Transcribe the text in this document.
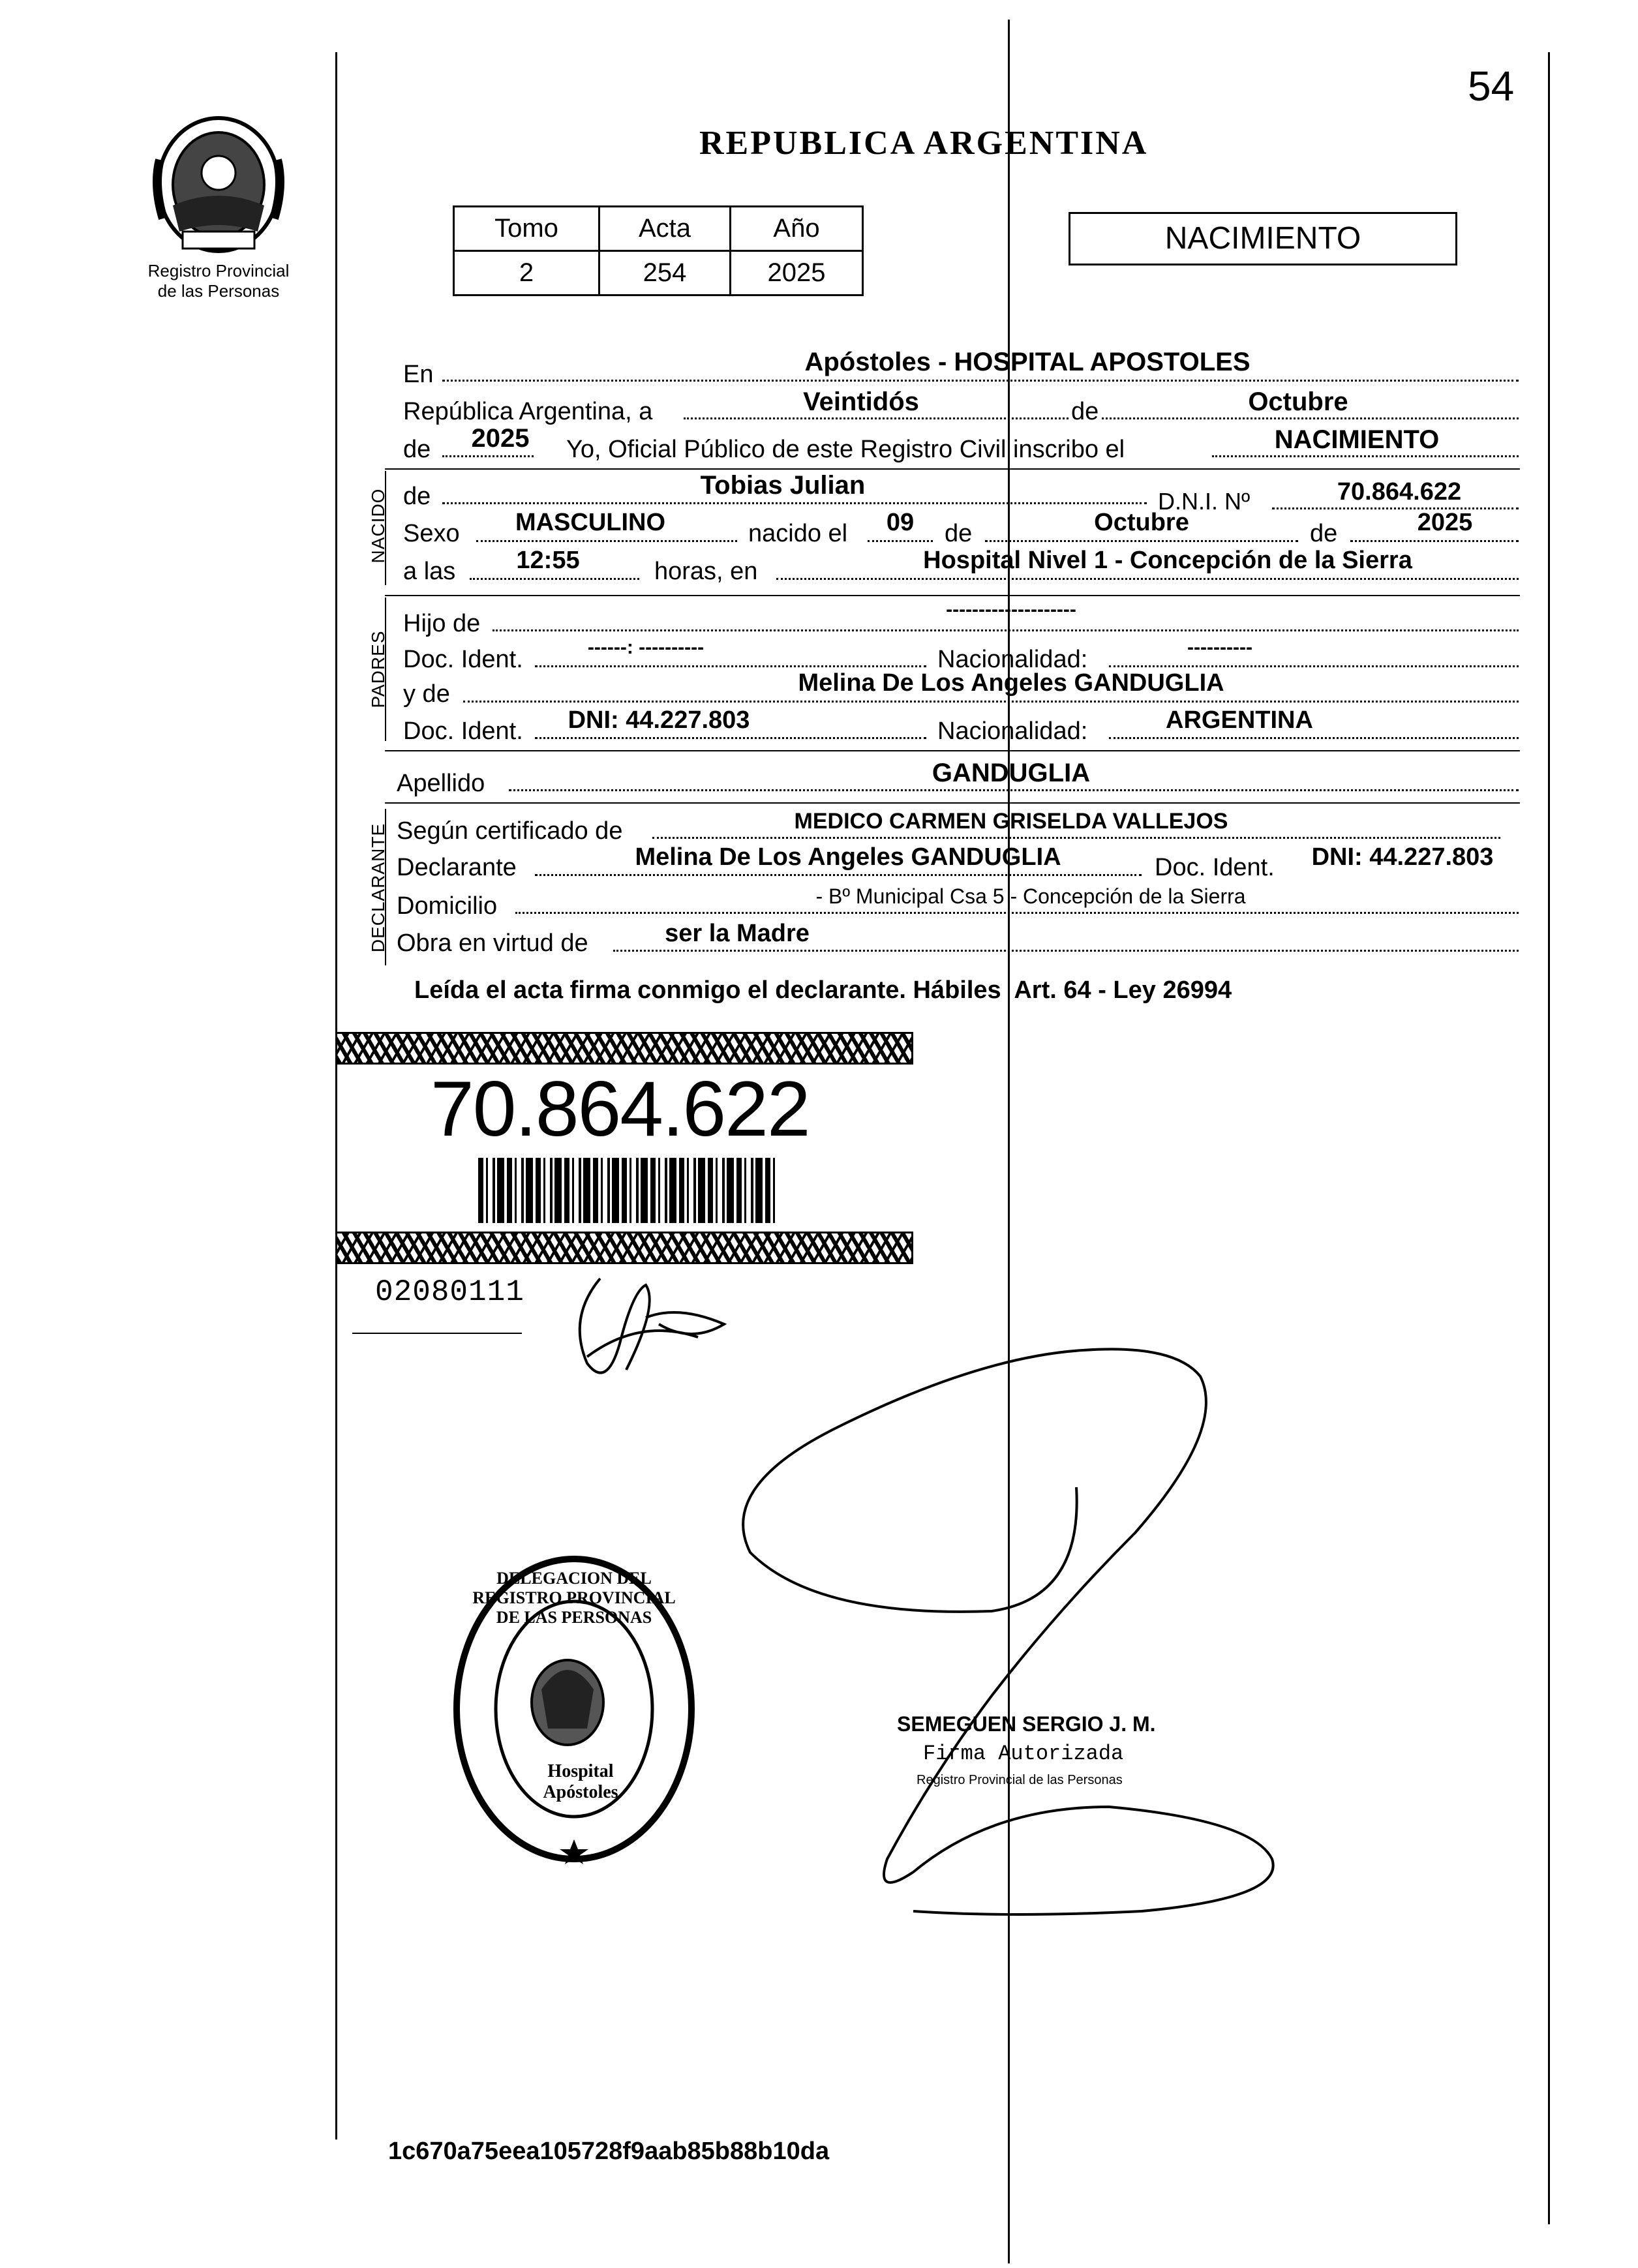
54
Registro Provincial
de las Personas
REPUBLICA ARGENTINA
Tomo	Acta	Año
2	254	2025
NACIMIENTO
En	Apóstoles - HOSPITAL APOSTOLES
República Argentina, a	Veintidós	de	Octubre
de	2025	Yo, Oficial Público de este Registro Civil inscribo el	NACIMIENTO
NACIDO de	Tobias Julian
D.N.I. Nº	70.864.622
Sexo	MASCULINO	nacido el	09	de	Octubre	de	2025
a las	12:55	horas, en	Hospital Nivel 1 - Concepción de la Sierra
PADRES
Hijo de
--------------------
Doc. Ident.	------: ----------	Nacionalidad:	----------
y de	Melina De Los Angeles GANDUGLIA
Doc. Ident.	DNI: 44.227.803	Nacionalidad:	ARGENTINA
Apellido	GANDUGLIA
DECLARANTE Según certificado de	MEDICO CARMEN GRISELDA VALLEJOS
Declarante	Melina De Los Angeles GANDUGLIA	Doc. Ident.	DNI: 44.227.803
Domicilio	- Bº Municipal Csa 5 - Concepción de la Sierra
Obra en virtud de	ser la Madre
Leída el acta firma conmigo el declarante. Hábiles  Art. 64 - Ley 26994
70.864.622
02080111
DELEGACION DEL REGISTRO PROVINCIAL DE LAS PERSONAS
Hospital Apóstoles
SEMEGUEN SERGIO J. M.
Firma Autorizada
Registro Provincial de las Personas
1c670a75eea105728f9aab85b88b10da
